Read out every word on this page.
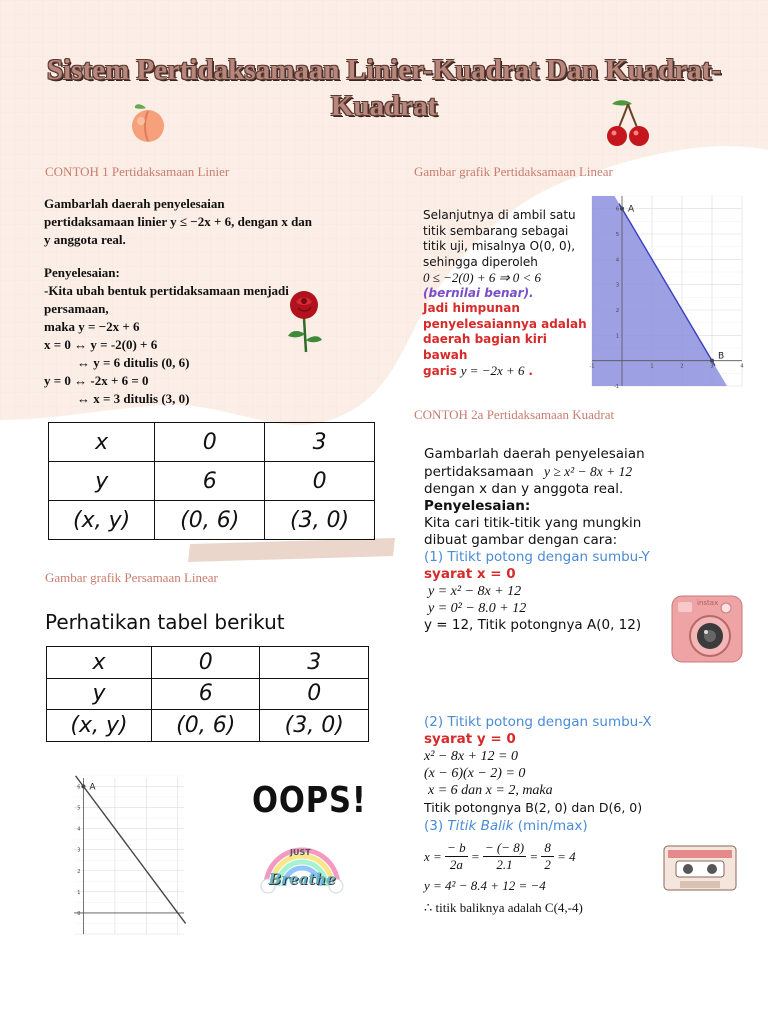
Sistem Pertidaksamaan Linier-Kuadrat Dan Kuadrat-Kuadrat
CONTOH 1 Pertidaksamaan Linier
Gambarlah daerah penyelesaian
pertidaksamaan linier y ≤ −2x + 6, dengan x dan
y anggota real.
Penyelesaian:
-Kita ubah bentuk pertidaksamaan menjadi
persamaan,
maka y = −2x + 6
x = 0 ↔ y = -2(0) + 6
↔ y = 6 ditulis (0, 6)
y = 0 ↔ -2x + 6 = 0
↔ x = 3 ditulis (3, 0)
x	0	3
y	6	0
(x, y)	(0, 6)	(3, 0)
Gambar grafik Persamaan Linear
Perhatikan tabel berikut
x	0	3
y	6	0
(x, y)	(0, 6)	(3, 0)
A
6
5
4
3
2
1
0
OOPS!
JUST
Breathe
Gambar grafik Pertidaksamaan Linear
Selanjutnya di ambil satu
titik sembarang sebagai
titik uji, misalnya O(0, 0),
sehingga diperoleh
0 ≤ −2(0) + 6 ⇒ 0 < 6
(bernilai benar).
Jadi himpunan
penyelesaiannya adalah
daerah bagian kiri bawah
garis y = −2x + 6 .
A
B
6
5
4
3
2
1
-1
-1	1	2	3	4
CONTOH 2a Pertidaksamaan Kuadrat
Gambarlah daerah penyelesaian
pertidaksamaan y ≥ x² − 8x + 12
dengan x dan y anggota real.
Penyelesaian:
Kita cari titik-titik yang mungkin
dibuat gambar dengan cara:
(1) Titikt potong dengan sumbu-Y
syarat x = 0
y = x² − 8x + 12
y = 0² − 8.0 + 12
y = 12, Titik potongnya A(0, 12)
instax
(2) Titikt potong dengan sumbu-X
syarat y = 0
x² − 8x + 12 = 0
(x − 6)(x − 2) = 0
x = 6 dan x = 2, maka
Titik potongnya B(2, 0) dan D(6, 0)
(3) Titik Balik (min/max)
$x = \frac{- b}{2a} = \frac{- (- 8)}{2.1} = \frac{8}{2} = 4$
y = 4² − 8.4 + 12 = −4
∴ titik baliknya adalah C(4,-4)
